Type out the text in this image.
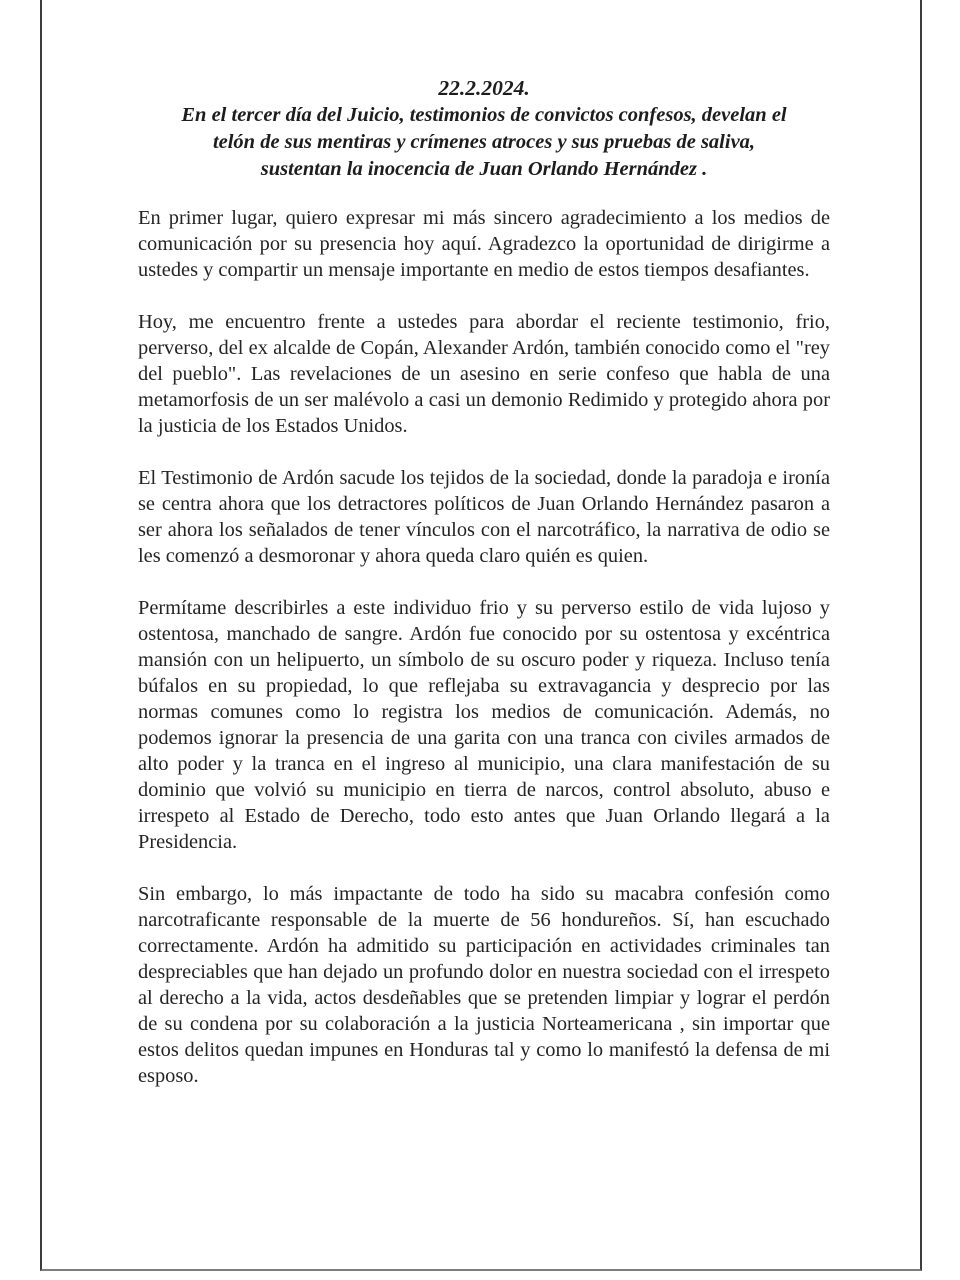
22.2.2024.
En el tercer día del Juicio, testimonios de convictos confesos, develan el
telón de sus mentiras y crímenes atroces y sus pruebas de saliva,
sustentan la inocencia de Juan Orlando Hernández .

En primer lugar, quiero expresar mi más sincero agradecimiento a los medios de comunicación por su presencia hoy aquí. Agradezco la oportunidad de dirigirme a ustedes y compartir un mensaje importante en medio de estos tiempos desafiantes.

Hoy, me encuentro frente a ustedes para abordar el reciente testimonio, frio, perverso, del ex alcalde de Copán, Alexander Ardón, también conocido como el "rey del pueblo". Las revelaciones de un asesino en serie confeso que habla de una metamorfosis de un ser malévolo a casi un demonio Redimido y protegido ahora por la justicia de los Estados Unidos.

El Testimonio de Ardón sacude los tejidos de la sociedad, donde la paradoja e ironía se centra ahora que los detractores políticos de Juan Orlando Hernández pasaron a ser ahora los señalados de tener vínculos con el narcotráfico, la narrativa de odio se les comenzó a desmoronar y ahora queda claro quién es quien.

Permítame describirles a este individuo frio y su perverso estilo de vida lujoso y ostentosa, manchado de sangre. Ardón fue conocido por su ostentosa y excéntrica mansión con un helipuerto, un símbolo de su oscuro poder y riqueza. Incluso tenía búfalos en su propiedad, lo que reflejaba su extravagancia y desprecio por las normas comunes como lo registra los medios de comunicación. Además, no podemos ignorar la presencia de una garita con una tranca con civiles armados de alto poder y la tranca en el ingreso al municipio, una clara manifestación de su dominio que volvió su municipio en tierra de narcos, control absoluto, abuso e irrespeto al Estado de Derecho, todo esto antes que Juan Orlando llegará a la Presidencia.

Sin embargo, lo más impactante de todo ha sido su macabra confesión como narcotraficante responsable de la muerte de 56 hondureños. Sí, han escuchado correctamente. Ardón ha admitido su participación en actividades criminales tan despreciables que han dejado un profundo dolor en nuestra sociedad con el irrespeto al derecho a la vida, actos desdeñables que se pretenden limpiar y lograr el perdón de su condena por su colaboración a la justicia Norteamericana , sin importar que estos delitos quedan impunes en Honduras tal y como lo manifestó la defensa de mi esposo.
